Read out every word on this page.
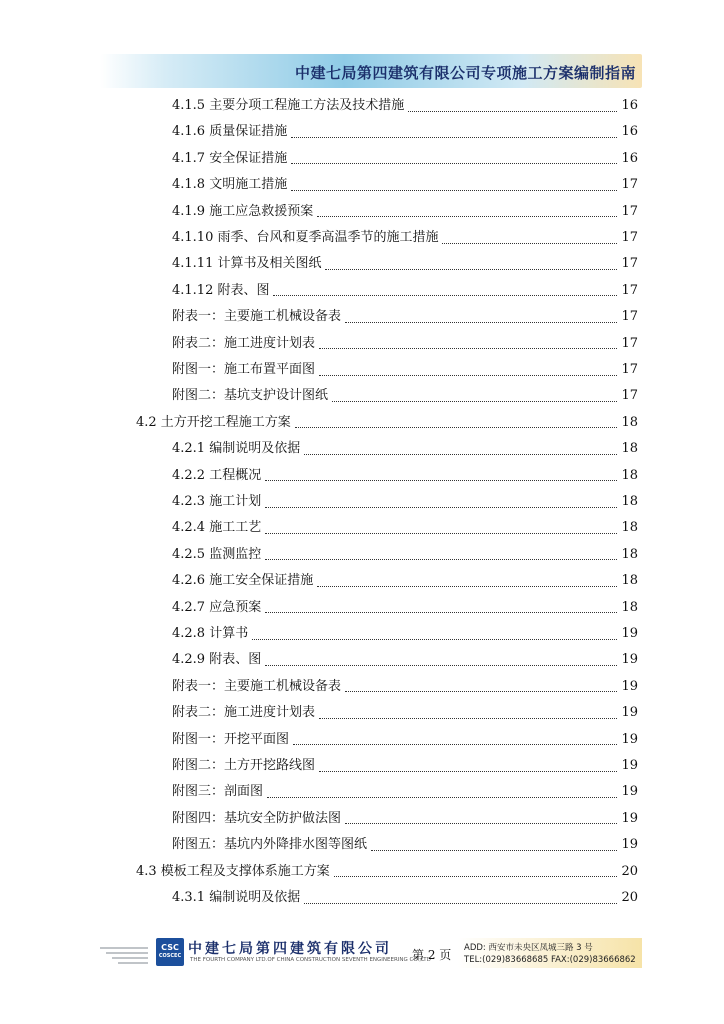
中建七局第四建筑有限公司专项施工方案编制指南
4.1.5 主要分项工程施工方法及技术措施	16
4.1.6 质量保证措施	16
4.1.7 安全保证措施	16
4.1.8 文明施工措施	17
4.1.9 施工应急救援预案	17
4.1.10 雨季、台风和夏季高温季节的施工措施	17
4.1.11 计算书及相关图纸	17
4.1.12 附表、图	17
附表一：主要施工机械设备表	17
附表二：施工进度计划表	17
附图一：施工布置平面图	17
附图二：基坑支护设计图纸	17
4.2 土方开挖工程施工方案	18
4.2.1 编制说明及依据	18
4.2.2 工程概况	18
4.2.3 施工计划	18
4.2.4 施工工艺	18
4.2.5 监测监控	18
4.2.6 施工安全保证措施	18
4.2.7 应急预案	18
4.2.8 计算书	19
4.2.9 附表、图	19
附表一：主要施工机械设备表	19
附表二：施工进度计划表	19
附图一：开挖平面图	19
附图二：土方开挖路线图	19
附图三：剖面图	19
附图四：基坑安全防护做法图	19
附图五：基坑内外降排水图等图纸	19
4.3 模板工程及支撑体系施工方案	20
4.3.1 编制说明及依据	20
CSC
COSCEC 中建七局第四建筑有限公司
THE FOURTH COMPANY LTD.OF CHINA CONSTRUCTION SEVENTH ENGINEERING CO.,LTD
第 2 页 ADD: 西安市未央区凤城三路 3 号
TEL:(029)83668685 FAX:(029)83666862
